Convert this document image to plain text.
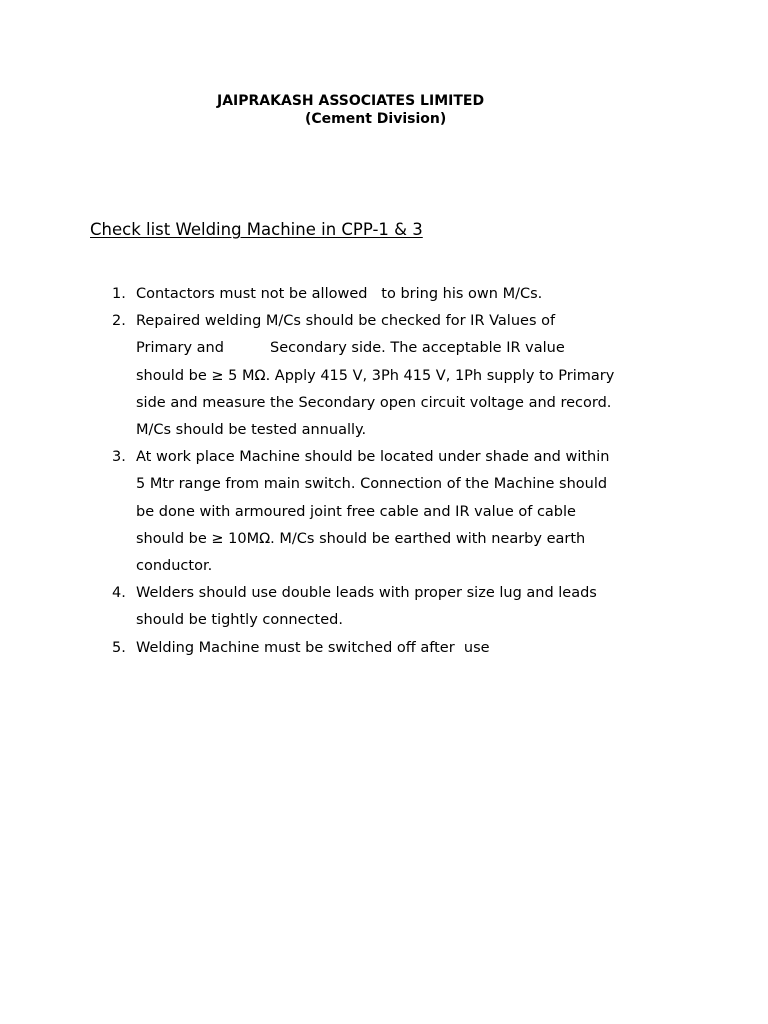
JAIPRAKASH ASSOCIATES LIMITED
(Cement Division)
Check list Welding Machine in CPP-1 & 3
1. Contactors must not be allowed   to bring his own M/Cs.
2. Repaired welding M/Cs should be checked for IR Values of
Primary and          Secondary side. The acceptable IR value
should be ≥ 5 MΩ. Apply 415 V, 3Ph 415 V, 1Ph supply to Primary
side and measure the Secondary open circuit voltage and record.
M/Cs should be tested annually.
3. At work place Machine should be located under shade and within
5 Mtr range from main switch. Connection of the Machine should
be done with armoured joint free cable and IR value of cable
should be ≥ 10MΩ. M/Cs should be earthed with nearby earth
conductor.
4. Welders should use double leads with proper size lug and leads
should be tightly connected.
5. Welding Machine must be switched off after  use
